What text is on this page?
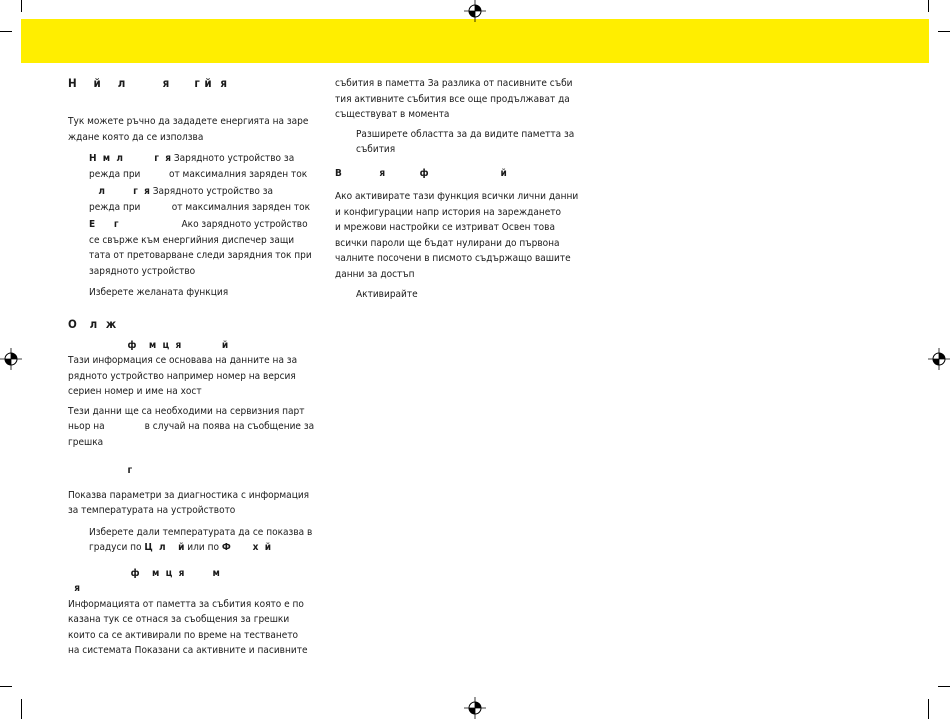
Н    й    л         я      г й  я

Тук можете ръчно да зададете енергията на заре

ждане която да се използва

Н  м  л          г  я Зарядното устройство за

режда при          от максималния заряден ток

л         г  я Зарядното устройство за

режда при           от максималния заряден ток

Е      г                      Ако зарядното устройство

се свърже към енергийния диспечер защи

тата от претоварване следи зарядния ток при

зарядното устройство

Изберете желаната функция

О   л  ж

ф    м  ц  я             й

Тази информация се основава на данните на за

рядното устройство например номер на версия

сериен номер и име на хост

Тези данни ще са необходими на сервизния парт

ньор на              в случай на поява на съобщение за

грешка

г

Показва параметри за диагностика с информация

за температурата на устройството

Изберете дали температурата да се показва в

градуси по Ц  л    й или по Ф       х  й

ф    м  ц  я         м

я

Информацията от паметта за събития която е по

казана тук се отнася за съобщения за грешки

които са се активирали по време на тестването

на системата Показани са активните и пасивните

събития в паметта За разлика от пасивните съби

тия активните събития все още продължават да

съществуват в момента

Разширете областта за да видите паметта за

събития

В            я           ф                       й

Ако активирате тази функция всички лични данни

и конфигурации напр история на зареждането

и мрежови настройки се изтриват Освен това

всички пароли ще бъдат нулирани до първона

чалните посочени в писмото съдържащо вашите

данни за достъп

Активирайте
